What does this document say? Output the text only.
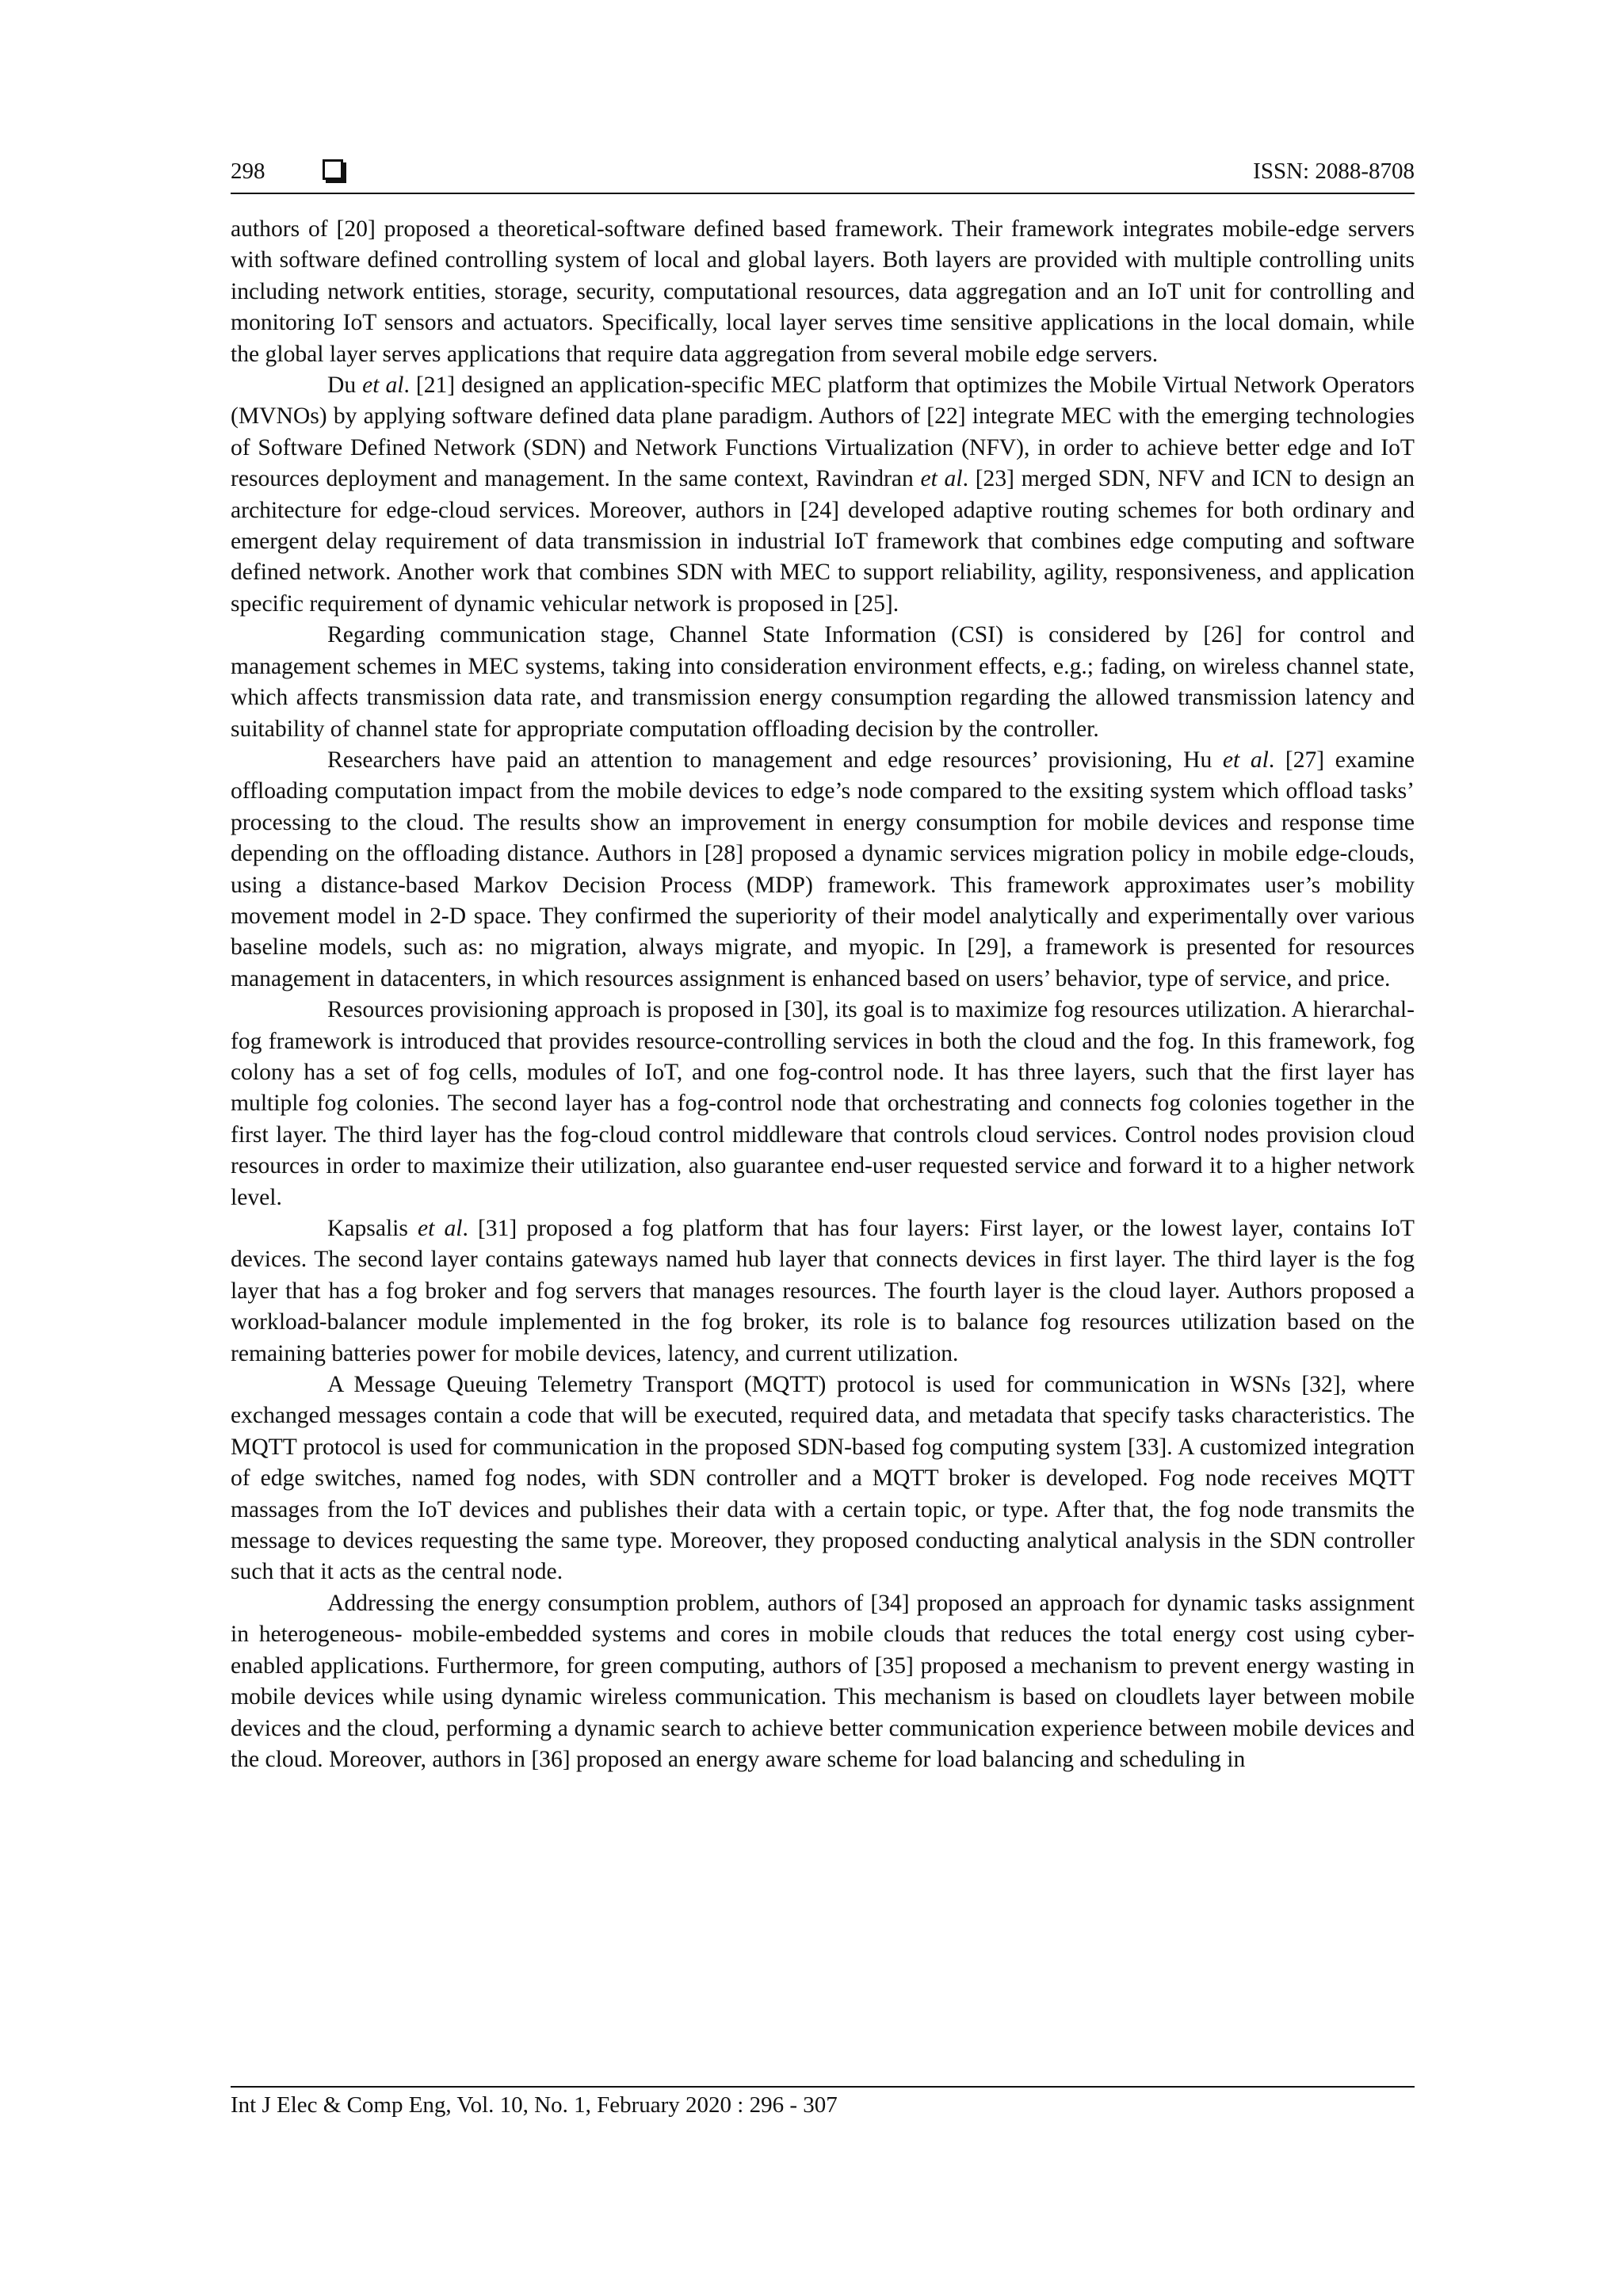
298	ISSN: 2088-8708

authors of [20] proposed a theoretical-software defined based framework. Their framework integrates mobile-edge servers with software defined controlling system of local and global layers. Both layers are provided with multiple controlling units including network entities, storage, security, computational resources, data aggregation and an IoT unit for controlling and monitoring IoT sensors and actuators. Specifically, local layer serves time sensitive applications in the local domain, while the global layer serves applications that require data aggregation from several mobile edge servers.

Du et al. [21] designed an application-specific MEC platform that optimizes the Mobile Virtual Network Operators (MVNOs) by applying software defined data plane paradigm. Authors of [22] integrate MEC with the emerging technologies of Software Defined Network (SDN) and Network Functions Virtualization (NFV), in order to achieve better edge and IoT resources deployment and management. In the same context, Ravindran et al. [23] merged SDN, NFV and ICN to design an architecture for edge-cloud services. Moreover, authors in [24] developed adaptive routing schemes for both ordinary and emergent delay requirement of data transmission in industrial IoT framework that combines edge computing and software defined network. Another work that combines SDN with MEC to support reliability, agility, responsiveness, and application specific requirement of dynamic vehicular network is proposed in [25].

Regarding communication stage, Channel State Information (CSI) is considered by [26] for control and management schemes in MEC systems, taking into consideration environment effects, e.g.; fading, on wireless channel state, which affects transmission data rate, and transmission energy consumption regarding the allowed transmission latency and suitability of channel state for appropriate computation offloading decision by the controller.

Researchers have paid an attention to management and edge resources’ provisioning, Hu et al. [27] examine offloading computation impact from the mobile devices to edge’s node compared to the exsiting system which offload tasks’ processing to the cloud. The results show an improvement in energy consumption for mobile devices and response time depending on the offloading distance. Authors in [28] proposed a dynamic services migration policy in mobile edge-clouds, using a distance-based Markov Decision Process (MDP) framework. This framework approximates user’s mobility movement model in 2-D space. They confirmed the superiority of their model analytically and experimentally over various baseline models, such as: no migration, always migrate, and myopic. In [29], a framework is presented for resources management in datacenters, in which resources assignment is enhanced based on users’ behavior, type of service, and price.

Resources provisioning approach is proposed in [30], its goal is to maximize fog resources utilization. A hierarchal-fog framework is introduced that provides resource-controlling services in both the cloud and the fog. In this framework, fog colony has a set of fog cells, modules of IoT, and one fog-control node. It has three layers, such that the first layer has multiple fog colonies. The second layer has a fog-control node that orchestrating and connects fog colonies together in the first layer. The third layer has the fog-cloud control middleware that controls cloud services. Control nodes provision cloud resources in order to maximize their utilization, also guarantee end-user requested service and forward it to a higher network level.

Kapsalis et al. [31] proposed a fog platform that has four layers: First layer, or the lowest layer, contains IoT devices. The second layer contains gateways named hub layer that connects devices in first layer. The third layer is the fog layer that has a fog broker and fog servers that manages resources. The fourth layer is the cloud layer. Authors proposed a workload-balancer module implemented in the fog broker, its role is to balance fog resources utilization based on the remaining batteries power for mobile devices, latency, and current utilization.

A Message Queuing Telemetry Transport (MQTT) protocol is used for communication in WSNs [32], where exchanged messages contain a code that will be executed, required data, and metadata that specify tasks characteristics. The MQTT protocol is used for communication in the proposed SDN-based fog computing system [33]. A customized integration of edge switches, named fog nodes, with SDN controller and a MQTT broker is developed. Fog node receives MQTT massages from the IoT devices and publishes their data with a certain topic, or type. After that, the fog node transmits the message to devices requesting the same type. Moreover, they proposed conducting analytical analysis in the SDN controller such that it acts as the central node.

Addressing the energy consumption problem, authors of [34] proposed an approach for dynamic tasks assignment in heterogeneous- mobile-embedded systems and cores in mobile clouds that reduces the total energy cost using cyber-enabled applications. Furthermore, for green computing, authors of [35] proposed a mechanism to prevent energy wasting in mobile devices while using dynamic wireless communication. This mechanism is based on cloudlets layer between mobile devices and the cloud, performing a dynamic search to achieve better communication experience between mobile devices and the cloud. Moreover, authors in [36] proposed an energy aware scheme for load balancing and scheduling in

Int J Elec & Comp Eng, Vol. 10, No. 1, February 2020 : 296 - 307
